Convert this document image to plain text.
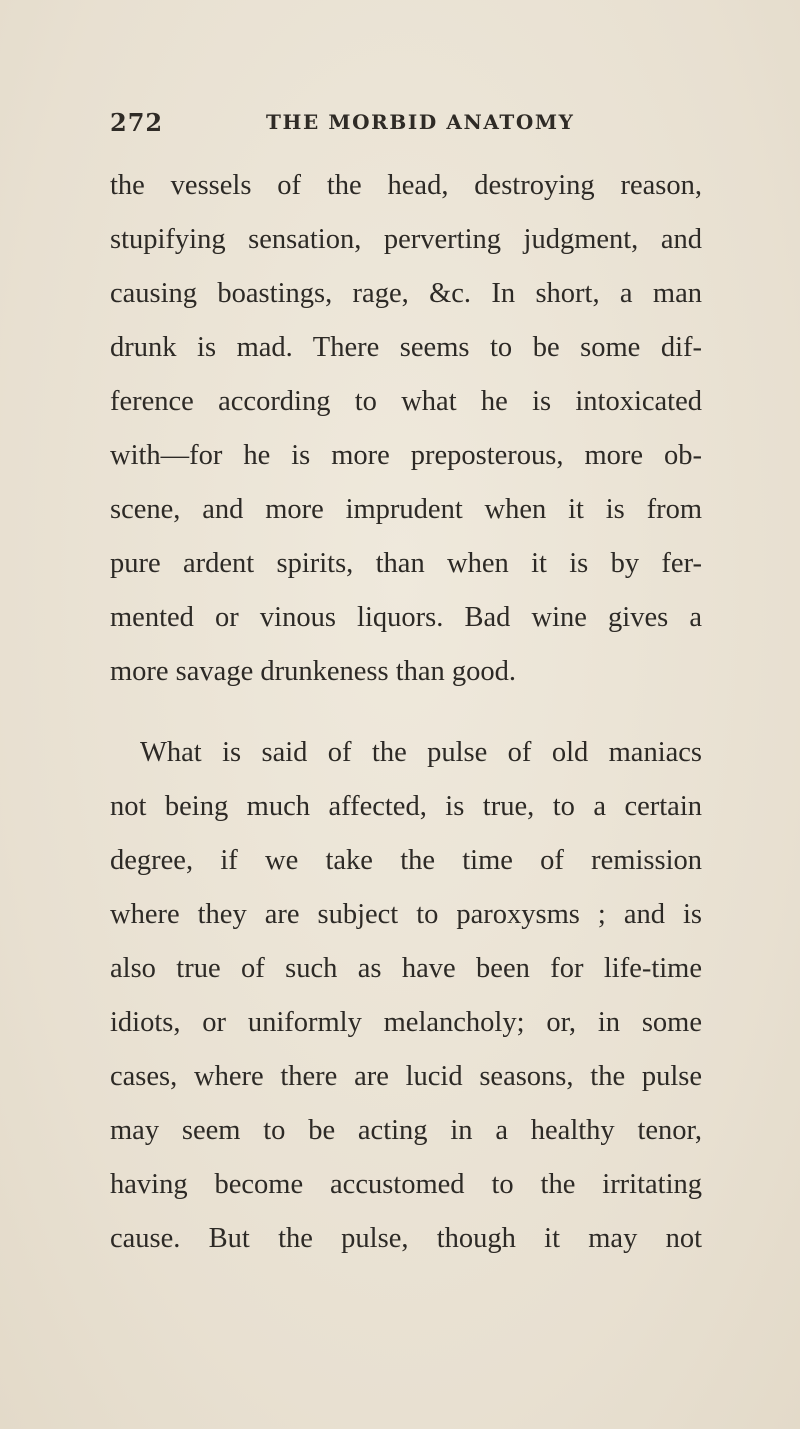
272	THE MORBID ANATOMY
the vessels of the head, destroying reason,
stupifying sensation, perverting judgment, and
causing boastings, rage, &c. In short, a man
drunk is mad. There seems to be some dif-
ference according to what he is intoxicated
with—for he is more preposterous, more ob-
scene, and more imprudent when it is from
pure ardent spirits, than when it is by fer-
mented or vinous liquors. Bad wine gives a
more savage drunkeness than good.
What is said of the pulse of old maniacs
not being much affected, is true, to a certain
degree, if we take the time of remission
where they are subject to paroxysms ; and is
also true of such as have been for life-time
idiots, or uniformly melancholy; or, in some
cases, where there are lucid seasons, the pulse
may seem to be acting in a healthy tenor,
having become accustomed to the irritating
cause. But the pulse, though it may not
